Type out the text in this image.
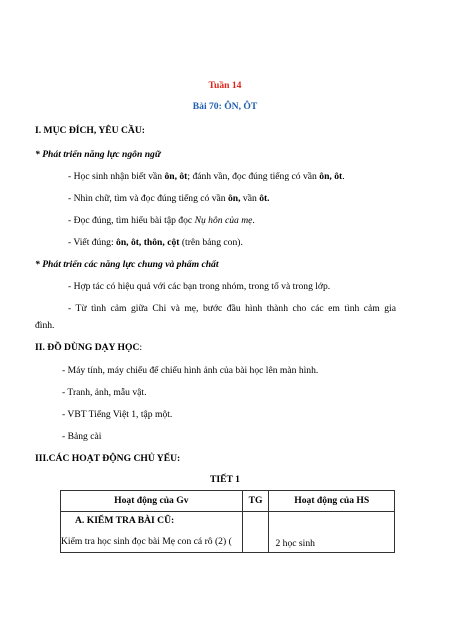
Tuần 14
Bài 70: ÔN, ÔT
I. MỤC ĐÍCH, YÊU CẦU:
* Phát triển năng lực ngôn ngữ
- Học sinh nhận biết vần ôn, ôt; đánh vần, đọc đúng tiếng có vần ôn, ôt.
- Nhìn chữ, tìm và đọc đúng tiếng có vần ôn, vần ôt.
- Đọc đúng, tìm hiểu bài tập đọc Nụ hôn của mẹ.
- Viết đúng: ôn, ôt, thôn, cột (trên bảng con).
* Phát triển các năng lực chung và phẩm chất
- Hợp tác có hiệu quả với các bạn trong nhóm, trong tổ và trong lớp.
- Từ tình cảm giữa Chi và mẹ, bước đầu hình thành cho các em tình cảm gia
đình.
II. ĐỒ DÙNG DẠY HỌC:
- Máy tính, máy chiếu để chiếu hình ảnh của bài học lên màn hình.
- Tranh, ảnh, mẫu vật.
- VBT Tiếng Việt 1, tập một.
- Bảng cài
III.CÁC HOẠT ĐỘNG CHỦ YẾU:
TIẾT 1
Hoạt động của Gv	TG	Hoạt động của HS

A. KIỂM TRA BÀI CŨ:
Kiểm tra học sinh đọc bài Mẹ con cá rô (2) (		2 học sinh
